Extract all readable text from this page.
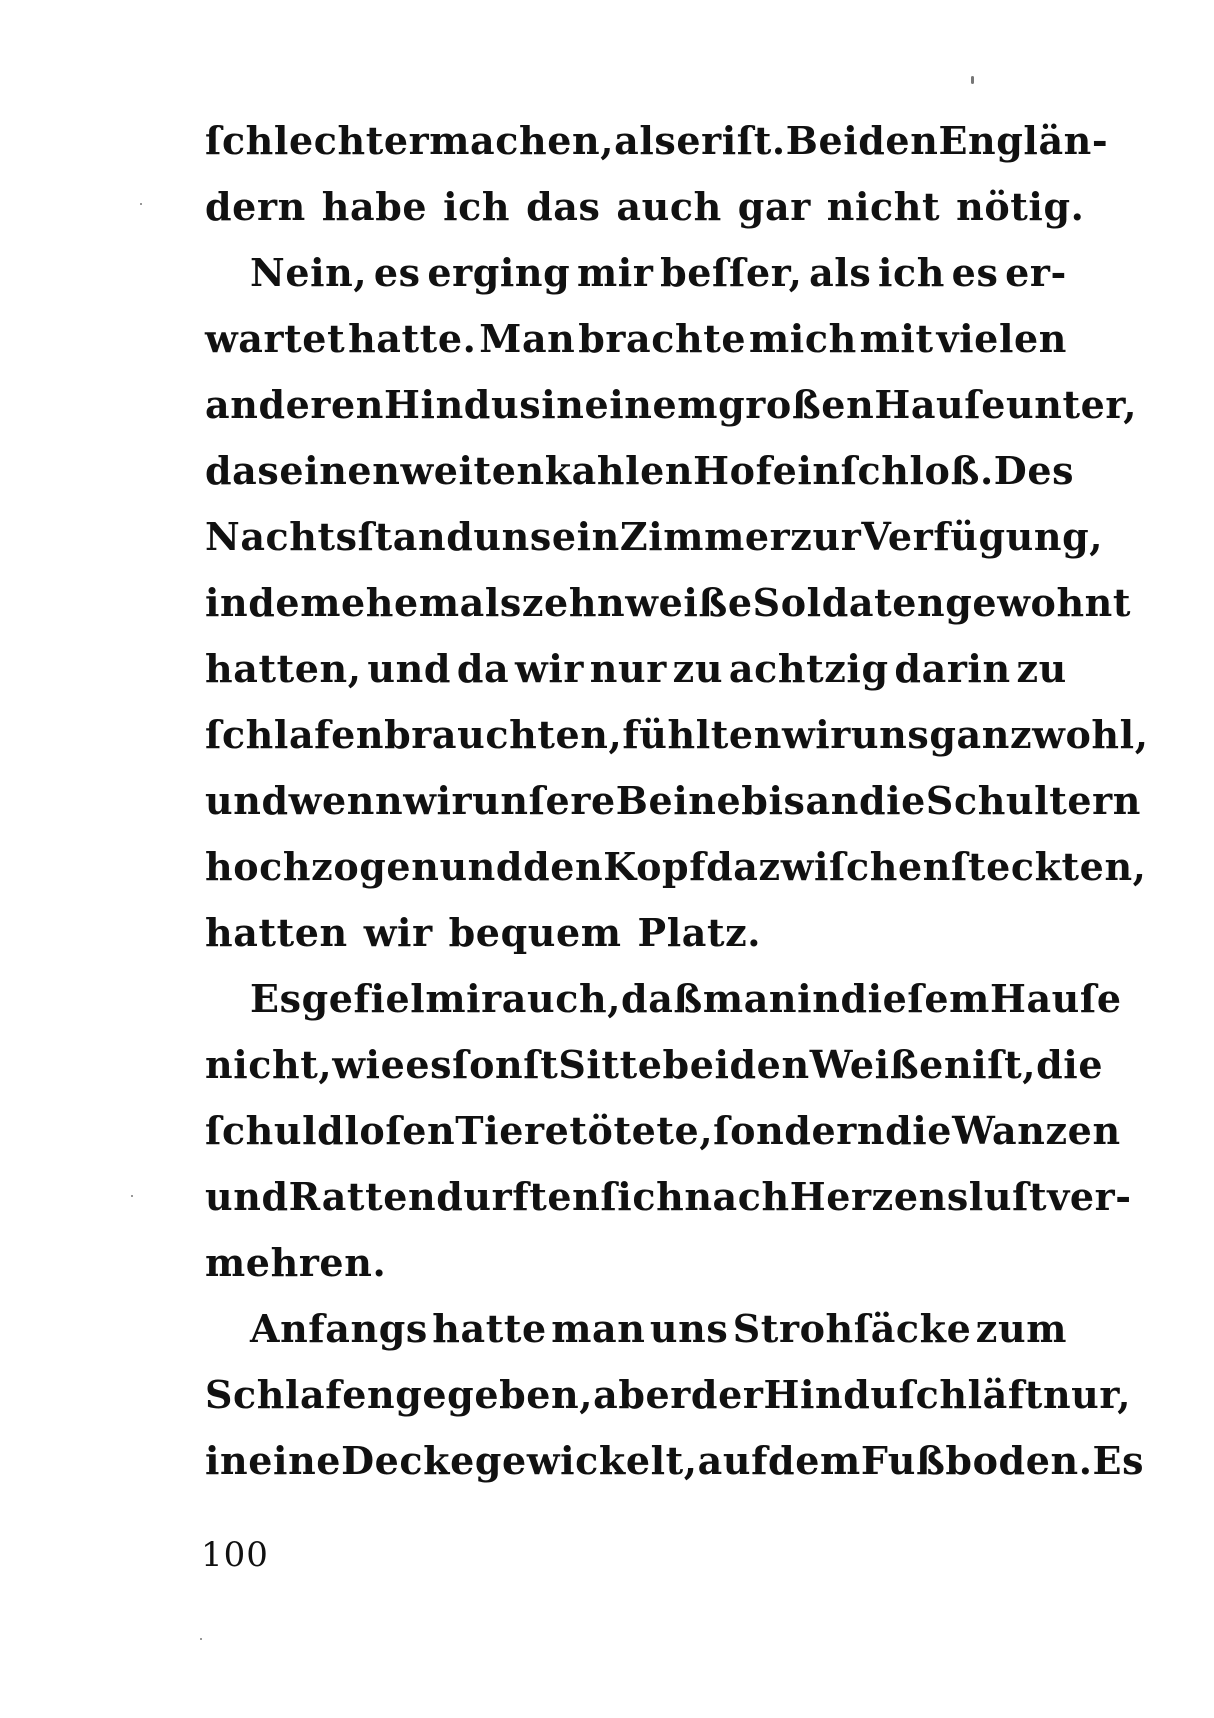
ſchlechter machen, als er iſt. Bei den Englän-
dern habe ich das auch gar nicht nötig.
Nein, es erging mir beſſer, als ich es er-
wartet hatte. Man brachte mich mit vielen
anderen Hindus in einem großen Hauſe unter,
das einen weiten kahlen Hof einſchloß. Des
Nachts ſtand uns ein Zimmer zur Verfügung,
in dem ehemals zehn weiße Soldaten gewohnt
hatten, und da wir nur zu achtzig darin zu
ſchlafen brauchten, fühlten wir uns ganz wohl,
und wenn wir unſere Beine bis an die Schultern
hochzogen und den Kopf dazwiſchen ſteckten,
hatten wir bequem Platz.
Es gefiel mir auch, daß man in dieſem Hauſe
nicht, wie es ſonſt Sitte bei den Weißen iſt, die
ſchuldloſen Tiere tötete, ſondern die Wanzen
und Ratten durften ſich nach Herzensluſt ver-
mehren.
Anfangs hatte man uns Strohſäcke zum
Schlafen gegeben, aber der Hindu ſchläft nur,
in eine Decke gewickelt, auf dem Fußboden. Es
100
